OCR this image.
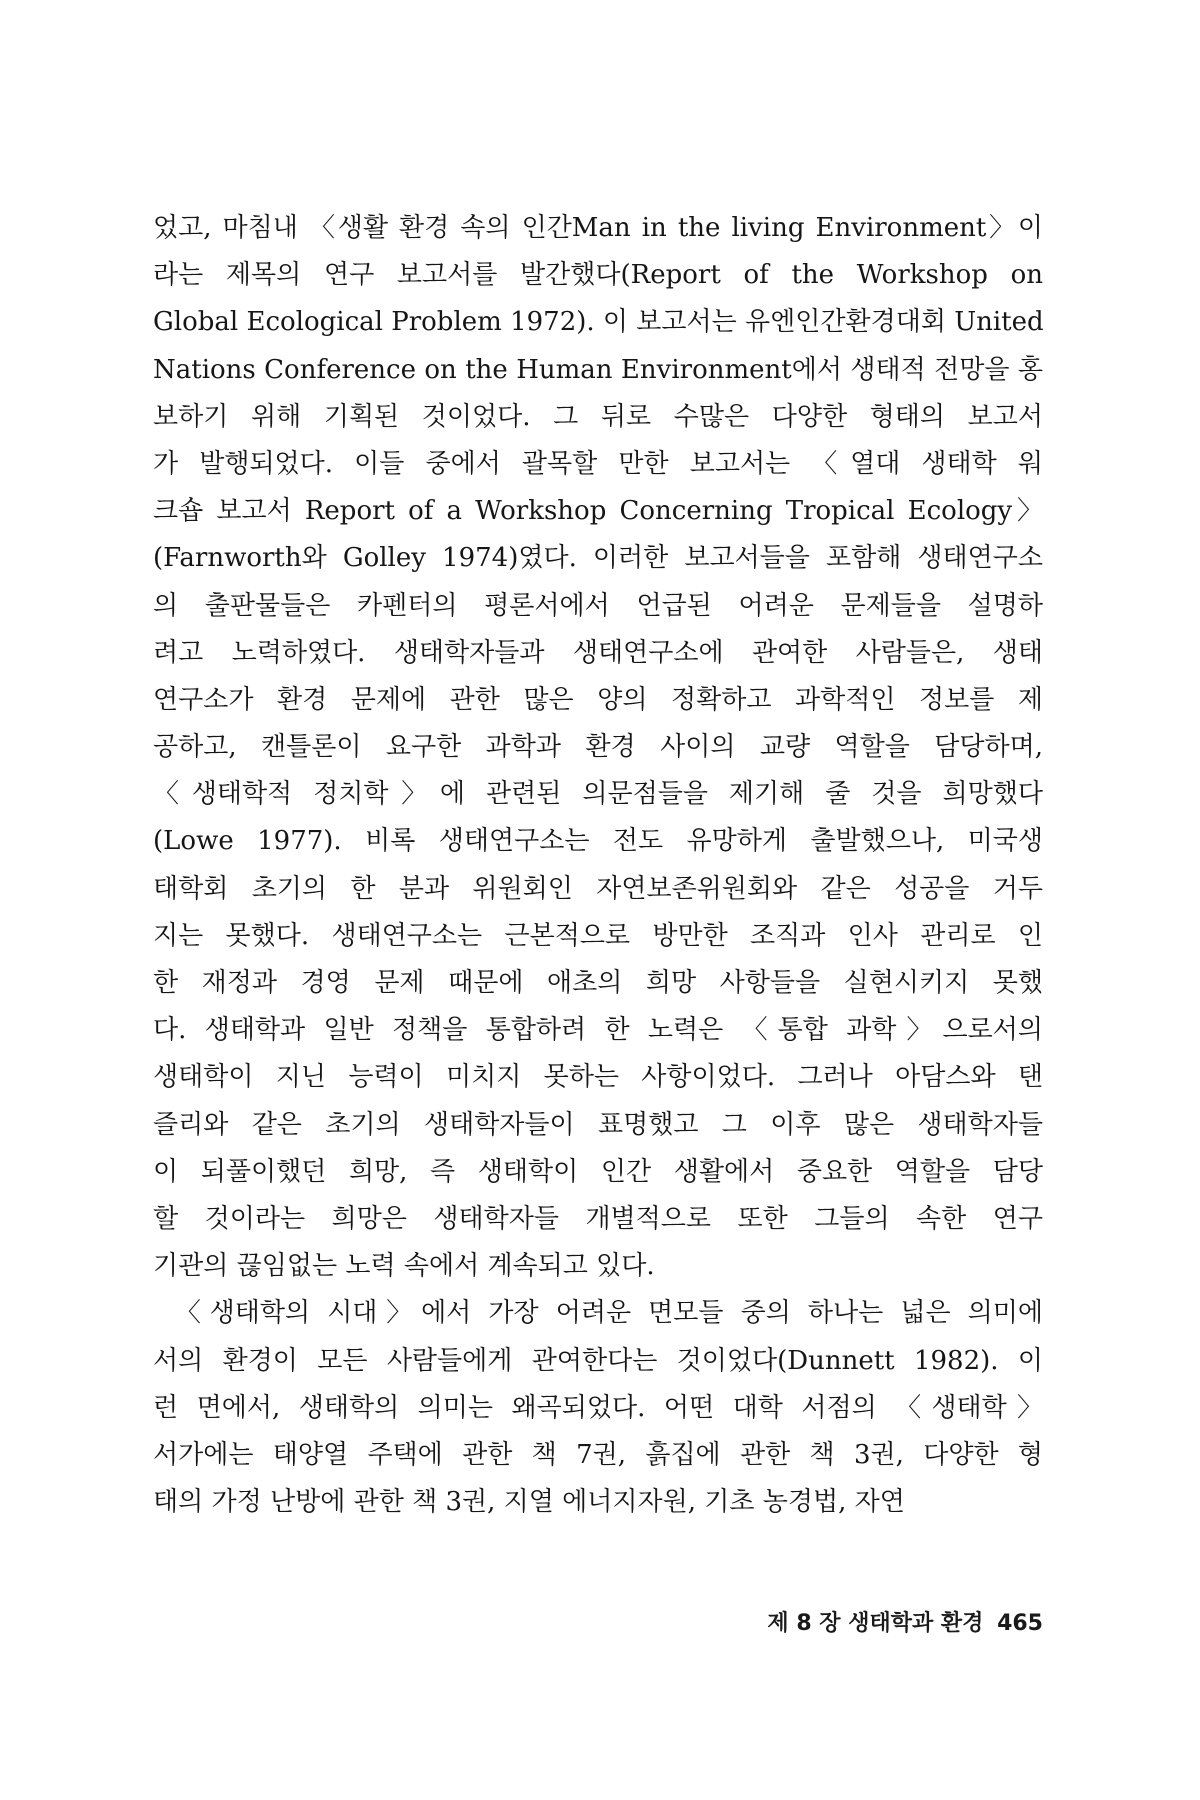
었고, 마침내 〈생활 환경 속의 인간Man in the living Environment〉이
라는 제목의 연구 보고서를 발간했다(Report of the Workshop on
Global Ecological Problem 1972). 이 보고서는 유엔인간환경대회 United
Nations Conference on the Human Environment에서 생태적 전망을 홍
보하기 위해 기획된 것이었다. 그 뒤로 수많은 다양한 형태의 보고서
가 발행되었다. 이들 중에서 괄목할 만한 보고서는 〈열대 생태학 워
크숍 보고서 Report of a Workshop Concerning Tropical Ecology〉
(Farnworth와 Golley 1974)였다. 이러한 보고서들을 포함해 생태연구소
의 출판물들은 카펜터의 평론서에서 언급된 어려운 문제들을 설명하
려고 노력하였다. 생태학자들과 생태연구소에 관여한 사람들은, 생태
연구소가 환경 문제에 관한 많은 양의 정확하고 과학적인 정보를 제
공하고, 캔틀론이 요구한 과학과 환경 사이의 교량 역할을 담당하며,
〈생태학적 정치학〉에 관련된 의문점들을 제기해 줄 것을 희망했다
(Lowe 1977). 비록 생태연구소는 전도 유망하게 출발했으나, 미국생
태학회 초기의 한 분과 위원회인 자연보존위원회와 같은 성공을 거두
지는 못했다. 생태연구소는 근본적으로 방만한 조직과 인사 관리로 인
한 재정과 경영 문제 때문에 애초의 희망 사항들을 실현시키지 못했
다. 생태학과 일반 정책을 통합하려 한 노력은 〈통합 과학〉으로서의
생태학이 지닌 능력이 미치지 못하는 사항이었다. 그러나 아담스와 탠
즐리와 같은 초기의 생태학자들이 표명했고 그 이후 많은 생태학자들
이 되풀이했던 희망, 즉 생태학이 인간 생활에서 중요한 역할을 담당
할 것이라는 희망은 생태학자들 개별적으로 또한 그들의 속한 연구
기관의 끊임없는 노력 속에서 계속되고 있다.
　〈생태학의 시대〉에서 가장 어려운 면모들 중의 하나는 넓은 의미에
서의 환경이 모든 사람들에게 관여한다는 것이었다(Dunnett 1982). 이
런 면에서, 생태학의 의미는 왜곡되었다. 어떤 대학 서점의 〈생태학〉
서가에는 태양열 주택에 관한 책 7권, 흙집에 관한 책 3권, 다양한 형
태의 가정 난방에 관한 책 3권, 지열 에너지자원, 기초 농경법, 자연
제 8 장 생태학과 환경 465
